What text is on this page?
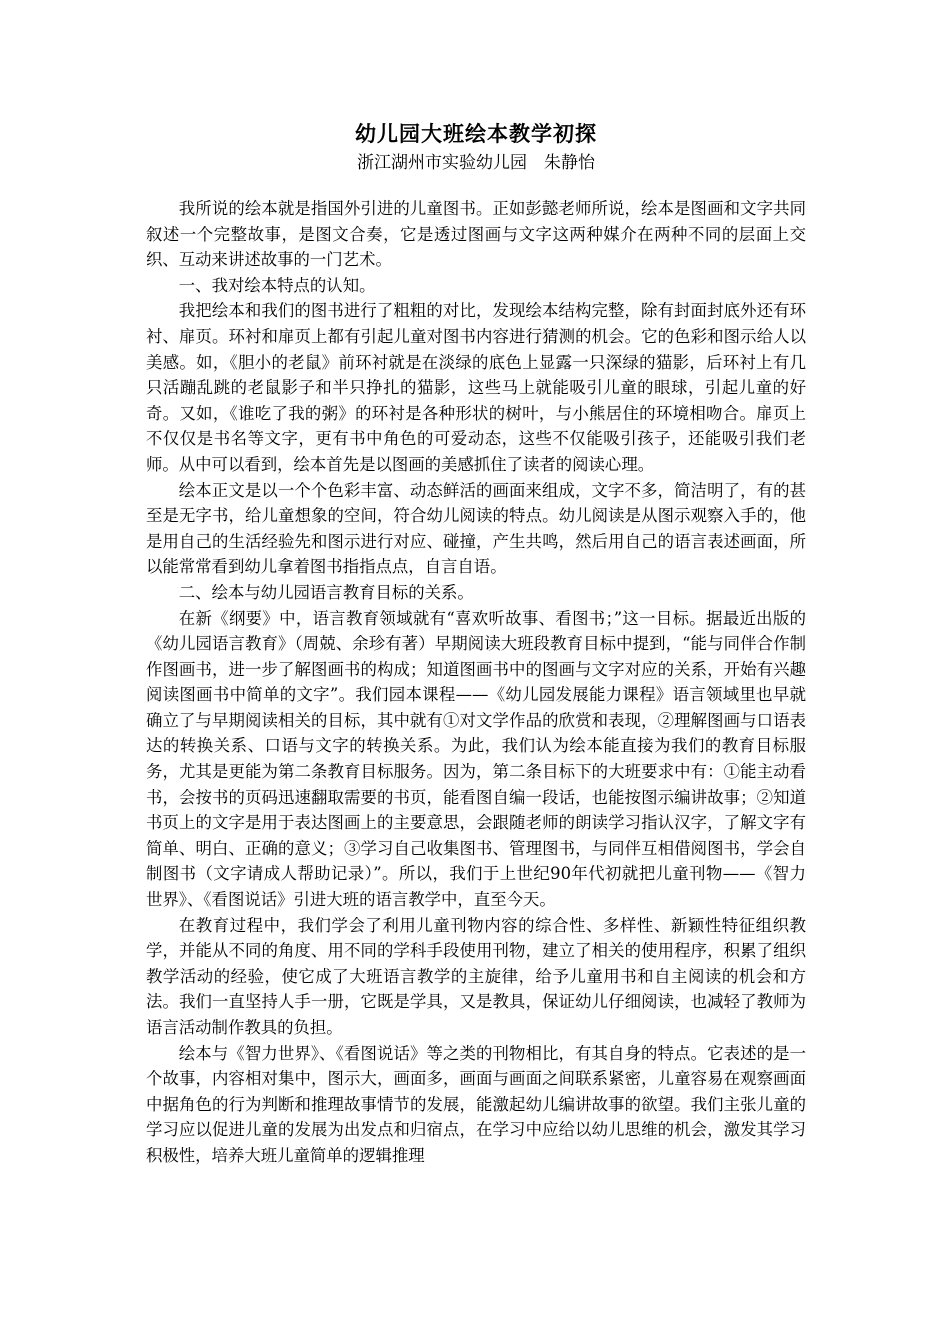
幼儿园大班绘本教学初探
浙江湖州市实验幼儿园　朱静怡

我所说的绘本就是指国外引进的儿童图书。正如彭懿老师所说，绘本是图画和文字共同叙述一个完整故事，是图文合奏，它是透过图画与文字这两种媒介在两种不同的层面上交织、互动来讲述故事的一门艺术。

一、我对绘本特点的认知。

我把绘本和我们的图书进行了粗粗的对比，发现绘本结构完整，除有封面封底外还有环衬、扉页。环衬和扉页上都有引起儿童对图书内容进行猜测的机会。它的色彩和图示给人以美感。如，《胆小的老鼠》前环衬就是在淡绿的底色上显露一只深绿的猫影，后环衬上有几只活蹦乱跳的老鼠影子和半只挣扎的猫影，这些马上就能吸引儿童的眼球，引起儿童的好奇。又如，《谁吃了我的粥》的环衬是各种形状的树叶，与小熊居住的环境相吻合。扉页上不仅仅是书名等文字，更有书中角色的可爱动态，这些不仅能吸引孩子，还能吸引我们老师。从中可以看到，绘本首先是以图画的美感抓住了读者的阅读心理。

绘本正文是以一个个色彩丰富、动态鲜活的画面来组成，文字不多，简洁明了，有的甚至是无字书，给儿童想象的空间，符合幼儿阅读的特点。幼儿阅读是从图示观察入手的，他是用自己的生活经验先和图示进行对应、碰撞，产生共鸣，然后用自己的语言表述画面，所以能常常看到幼儿拿着图书指指点点，自言自语。

二、绘本与幼儿园语言教育目标的关系。

在新《纲要》中，语言教育领域就有“喜欢听故事、看图书；”这一目标。据最近出版的《幼儿园语言教育》（周兢、余珍有著）早期阅读大班段教育目标中提到，“能与同伴合作制作图画书，进一步了解图画书的构成；知道图画书中的图画与文字对应的关系，开始有兴趣阅读图画书中简单的文字”。我们园本课程——《幼儿园发展能力课程》语言领域里也早就确立了与早期阅读相关的目标，其中就有①对文学作品的欣赏和表现，②理解图画与口语表达的转换关系、口语与文字的转换关系。为此，我们认为绘本能直接为我们的教育目标服务，尤其是更能为第二条教育目标服务。因为，第二条目标下的大班要求中有：①能主动看书，会按书的页码迅速翻取需要的书页，能看图自编一段话，也能按图示编讲故事；②知道书页上的文字是用于表达图画上的主要意思，会跟随老师的朗读学习指认汉字，了解文字有简单、明白、正确的意义；③学习自己收集图书、管理图书，与同伴互相借阅图书，学会自制图书（文字请成人帮助记录）”。所以，我们于上世纪90年代初就把儿童刊物——《智力世界》、《看图说话》引进大班的语言教学中，直至今天。

在教育过程中，我们学会了利用儿童刊物内容的综合性、多样性、新颖性特征组织教学，并能从不同的角度、用不同的学科手段使用刊物，建立了相关的使用程序，积累了组织教学活动的经验，使它成了大班语言教学的主旋律，给予儿童用书和自主阅读的机会和方法。我们一直坚持人手一册，它既是学具，又是教具，保证幼儿仔细阅读，也减轻了教师为语言活动制作教具的负担。

绘本与《智力世界》、《看图说话》等之类的刊物相比，有其自身的特点。它表述的是一个故事，内容相对集中，图示大，画面多，画面与画面之间联系紧密，儿童容易在观察画面中据角色的行为判断和推理故事情节的发展，能激起幼儿编讲故事的欲望。我们主张儿童的学习应以促进儿童的发展为出发点和归宿点，在学习中应给以幼儿思维的机会，激发其学习积极性，培养大班儿童简单的逻辑推理
